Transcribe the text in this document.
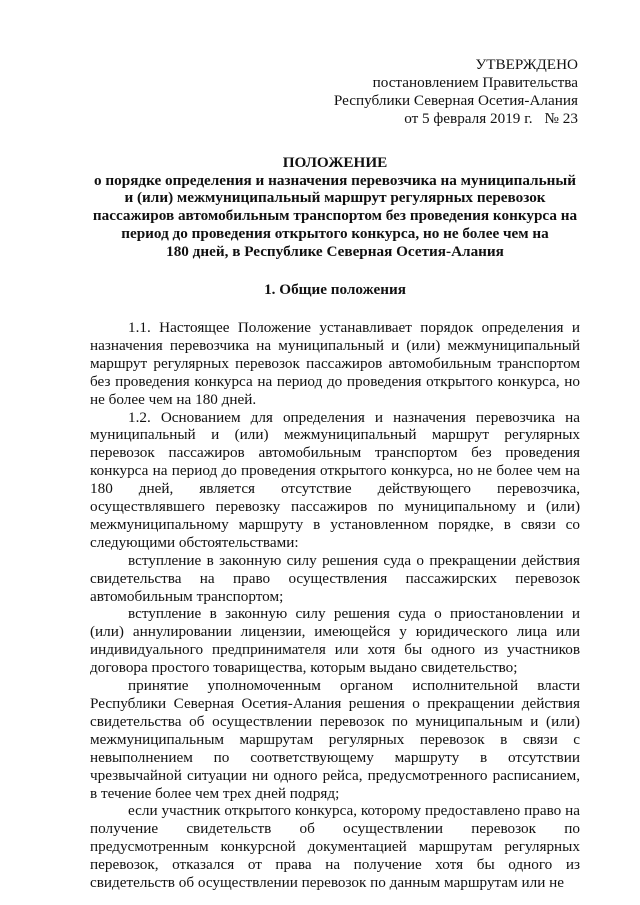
УТВЕРЖДЕНО
постановлением Правительства
Республики Северная Осетия-Алания
от 5 февраля 2019 г. № 23
ПОЛОЖЕНИЕ
о порядке определения и назначения перевозчика на муниципальный
и (или) межмуниципальный маршрут регулярных перевозок
пассажиров автомобильным транспортом без проведения конкурса на
период до проведения открытого конкурса, но не более чем на
180 дней, в Республике Северная Осетия-Алания
1. Общие положения

1.1. Настоящее Положение устанавливает порядок определения и назначения перевозчика на муниципальный и (или) межмуниципальный маршрут регулярных перевозок пассажиров автомобильным транспортом без проведения конкурса на период до проведения открытого конкурса, но не более чем на 180 дней.

1.2. Основанием для определения и назначения перевозчика на муниципальный и (или) межмуниципальный маршрут регулярных перевозок пассажиров автомобильным транспортом без проведения конкурса на период до проведения открытого конкурса, но не более чем на 180 дней, является отсутствие действующего перевозчика, осуществлявшего перевозку пассажиров по муниципальному и (или) межмуниципальному маршруту в установленном порядке, в связи со следующими обстоятельствами:

вступление в законную силу решения суда о прекращении действия свидетельства на право осуществления пассажирских перевозок автомобильным транспортом;

вступление в законную силу решения суда о приостановлении и (или) аннулировании лицензии, имеющейся у юридического лица или индивидуального предпринимателя или хотя бы одного из участников договора простого товарищества, которым выдано свидетельство;

принятие уполномоченным органом исполнительной власти Республики Северная Осетия-Алания решения о прекращении действия свидетельства об осуществлении перевозок по муниципальным и (или) межмуниципальным маршрутам регулярных перевозок в связи с невыполнением по соответствующему маршруту в отсутствии чрезвычайной ситуации ни одного рейса, предусмотренного расписанием, в течение более чем трех дней подряд;

если участник открытого конкурса, которому предоставлено право на получение свидетельств об осуществлении перевозок по предусмотренным конкурсной документацией маршрутам регулярных перевозок, отказался от права на получение хотя бы одного из свидетельств об осуществлении перевозок по данным маршрутам или не
